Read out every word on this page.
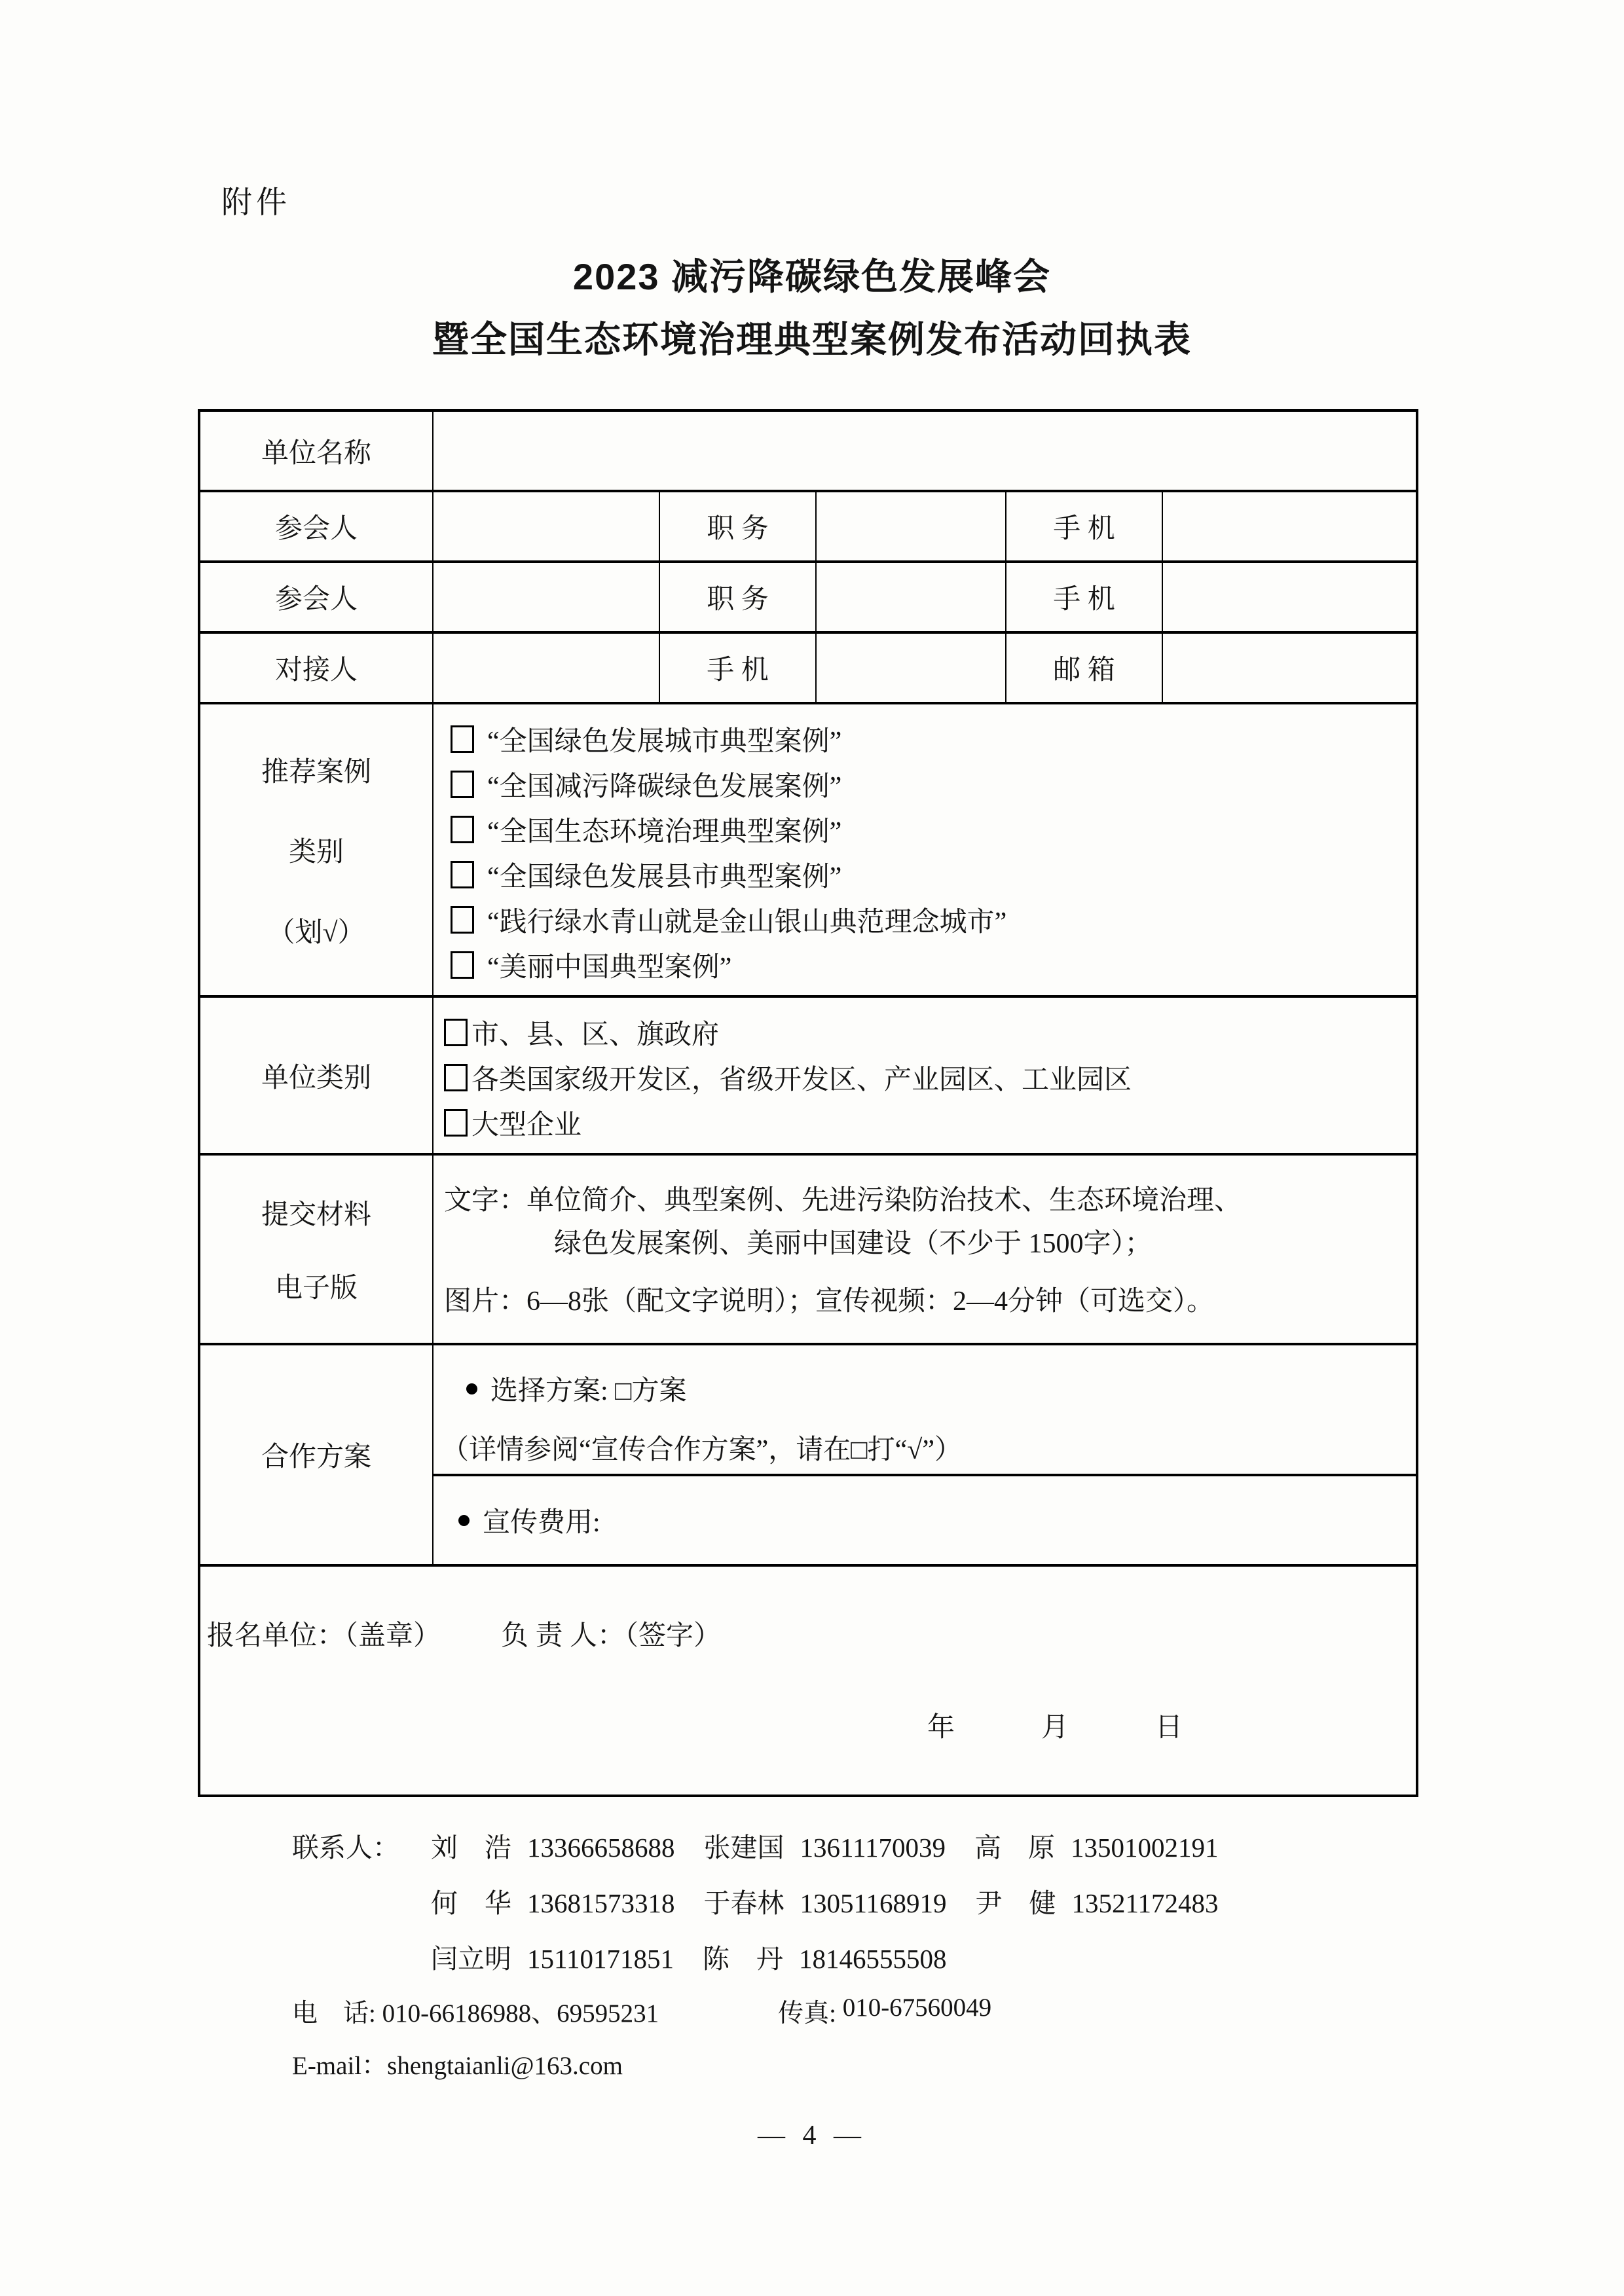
附件
2023 减污降碳绿色发展峰会
暨全国生态环境治理典型案例发布活动回执表
单位名称					
参会人		职 务		手 机	
参会人		职 务		手 机	
对接人		手 机		邮 箱	

推荐案例
类别
（划√）

“全国绿色发展城市典型案例”
“全国减污降碳绿色发展案例”
“全国生态环境治理典型案例”
“全国绿色发展县市典型案例”
“践行绿水青山就是金山银山典范理念城市”
“美丽中国典型案例”

单位类别	市、县、区、旗政府
各类国家级开发区，省级开发区、产业园区、工业园区
大型企业				

提交材料
电子版

文字：单位简介、典型案例、先进污染防治技术、生态环境治理、
绿色发展案例、美丽中国建设（不少于 1500字）；
图片：6—8张（配文字说明）；宣传视频：2—4分钟（可选交）。

合作方案	选择方案: □方案
（详情参阅“宣传合作方案”，请在□打“√”）				

	宣传费用:				

报名单位：（盖章） 负 责 人：（签字）
年 月 日					
联系人：	刘　浩 13366658688 张建国 13611170039 高　原 13501002191
何　华 13681573318 于春林 13051168919 尹　健 13521172483
闫立明 15110171851 陈　丹 18146555508
电　话:
010-66186988、69595231	传真:
010-67560049
E-mail：shengtaianli@163.com
— 4 —
